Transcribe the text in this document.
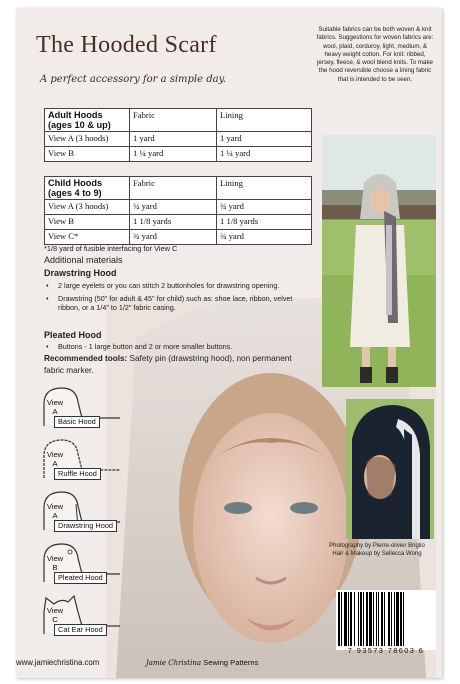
The Hooded Scarf
A perfect accessory for a simple day.
Suitable fabrics can be both woven & knit fabrics. Suggestions for woven fabrics are: wool, plaid, corduroy, light, medium, & heavy weight cotton. For knit: ribbed, jersey, fleece, & wool blend knits. To make the hood reversible choose a lining fabric that is intended to be seen.
Adult Hoods
(ages 10 & up)	Fabric	Lining
View A (3 hoods)	1 yard	1 yard
View B	1 ¼ yard	1 ¼ yard
Child Hoods
(ages 4 to 9)	Fabric	Lining
View A (3 hoods)	¾ yard	¾ yard
View B	1 1/8 yards	1 1/8 yards
View C*	¾ yard	¾ yard
*1/8 yard of fusible interfacing for View C
Additional materials
Drawstring Hood
• 2 large eyelets or you can stitch 2 buttonholes for drawstring opening.
• Drawstring (50" for adult & 45" for child) such as: shoe lace, ribbon, velvet ribbon, or a 1/4" to 1/2" fabric casing.
Pleated Hood
• Buttons - 1 large button and 2 or more smaller buttons.
Recommended tools: Safety pin (drawstring hood), non permanent fabric marker.
View A
Basic Hood
View A
Ruffle Hood
View A
Drawstring Hood
View B
Pleated Hood
View C
Cat Ear Hood
Photography by Pierre-olivier Briglio
Hair & Makeup by Sellecca Wong
7 93573 78603 6
www.jamiechristina.com	Jamie Christina Sewing Patterns
